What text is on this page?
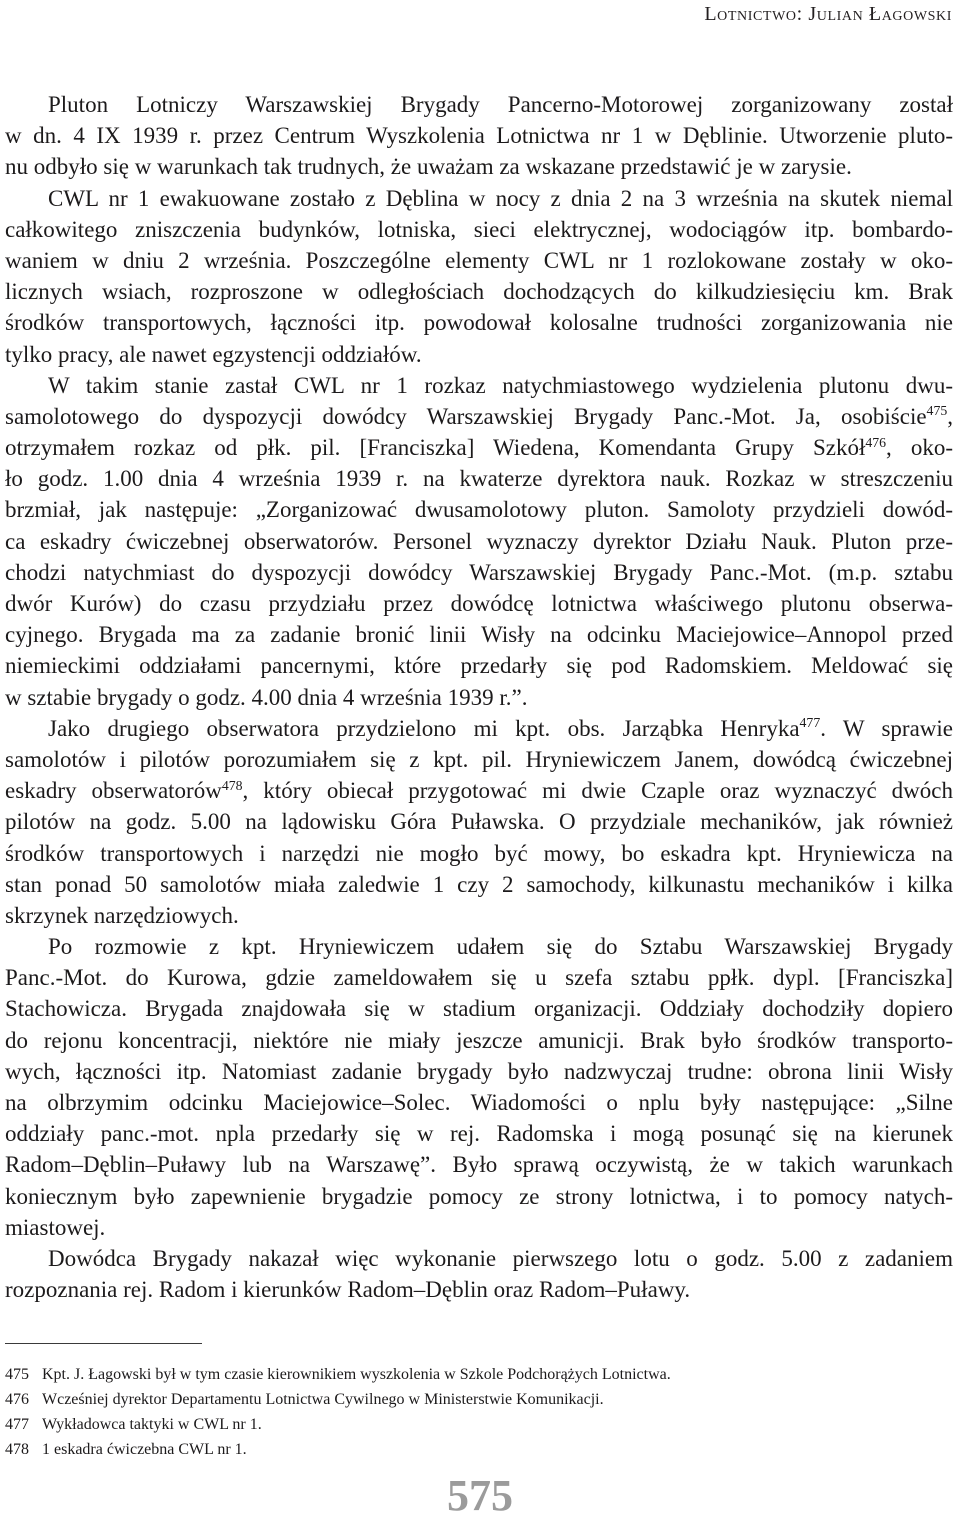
Lotnictwo: Julian Łagowski
Pluton Lotniczy Warszawskiej Brygady Pancerno-Motorowej zorganizowany został
w dn. 4 IX 1939 r. przez Centrum Wyszkolenia Lotnictwa nr 1 w Dęblinie. Utworzenie pluto-
nu odbyło się w warunkach tak trudnych, że uważam za wskazane przedstawić je w zarysie.
CWL nr 1 ewakuowane zostało z Dęblina w nocy z dnia 2 na 3 września na skutek niemal
całkowitego zniszczenia budynków, lotniska, sieci elektrycznej, wodociągów itp. bombardo-
waniem w dniu 2 września. Poszczególne elementy CWL nr 1 rozlokowane zostały w oko-
licznych wsiach, rozproszone w odległościach dochodzących do kilkudziesięciu km. Brak
środków transportowych, łączności itp. powodował kolosalne trudności zorganizowania nie
tylko pracy, ale nawet egzystencji oddziałów.
W takim stanie zastał CWL nr 1 rozkaz natychmiastowego wydzielenia plutonu dwu-
samolotowego do dyspozycji dowódcy Warszawskiej Brygady Panc.-Mot. Ja, osobiście$^{475}$,
otrzymałem rozkaz od płk. pil. [Franciszka] Wiedena, Komendanta Grupy Szkół$^{476}$, oko-
ło godz. 1.00 dnia 4 września 1939 r. na kwaterze dyrektora nauk. Rozkaz w streszczeniu
brzmiał, jak następuje: „Zorganizować dwusamolotowy pluton. Samoloty przydzieli dowód-
ca eskadry ćwiczebnej obserwatorów. Personel wyznaczy dyrektor Działu Nauk. Pluton prze-
chodzi natychmiast do dyspozycji dowódcy Warszawskiej Brygady Panc.-Mot. (m.p. sztabu
dwór Kurów) do czasu przydziału przez dowódcę lotnictwa właściwego plutonu obserwa-
cyjnego. Brygada ma za zadanie bronić linii Wisły na odcinku Maciejowice–Annopol przed
niemieckimi oddziałami pancernymi, które przedarły się pod Radomskiem. Meldować się
w sztabie brygady o godz. 4.00 dnia 4 września 1939 r.”.
Jako drugiego obserwatora przydzielono mi kpt. obs. Jarząbka Henryka$^{477}$. W sprawie
samolotów i pilotów porozumiałem się z kpt. pil. Hryniewiczem Janem, dowódcą ćwiczebnej
eskadry obserwatorów$^{478}$, który obiecał przygotować mi dwie Czaple oraz wyznaczyć dwóch
pilotów na godz. 5.00 na lądowisku Góra Puławska. O przydziale mechaników, jak również
środków transportowych i narzędzi nie mogło być mowy, bo eskadra kpt. Hryniewicza na
stan ponad 50 samolotów miała zaledwie 1 czy 2 samochody, kilkunastu mechaników i kilka
skrzynek narzędziowych.
Po rozmowie z kpt. Hryniewiczem udałem się do Sztabu Warszawskiej Brygady
Panc.-Mot. do Kurowa, gdzie zameldowałem się u szefa sztabu ppłk. dypl. [Franciszka]
Stachowicza. Brygada znajdowała się w stadium organizacji. Oddziały dochodziły dopiero
do rejonu koncentracji, niektóre nie miały jeszcze amunicji. Brak było środków transporto-
wych, łączności itp. Natomiast zadanie brygady było nadzwyczaj trudne: obrona linii Wisły
na olbrzymim odcinku Maciejowice–Solec. Wiadomości o nplu były następujące: „Silne
oddziały panc.-mot. npla przedarły się w rej. Radomska i mogą posunąć się na kierunek
Radom–Dęblin–Puławy lub na Warszawę”. Było sprawą oczywistą, że w takich warunkach
koniecznym było zapewnienie brygadzie pomocy ze strony lotnictwa, i to pomocy natych-
miastowej.
Dowódca Brygady nakazał więc wykonanie pierwszego lotu o godz. 5.00 z zadaniem
rozpoznania rej. Radom i kierunków Radom–Dęblin oraz Radom–Puławy.
475 Kpt. J. Łagowski był w tym czasie kierownikiem wyszkolenia w Szkole Podchorążych Lotnictwa.
476 Wcześniej dyrektor Departamentu Lotnictwa Cywilnego w Ministerstwie Komunikacji.
477 Wykładowca taktyki w CWL nr 1.
478 1 eskadra ćwiczebna CWL nr 1.
575
